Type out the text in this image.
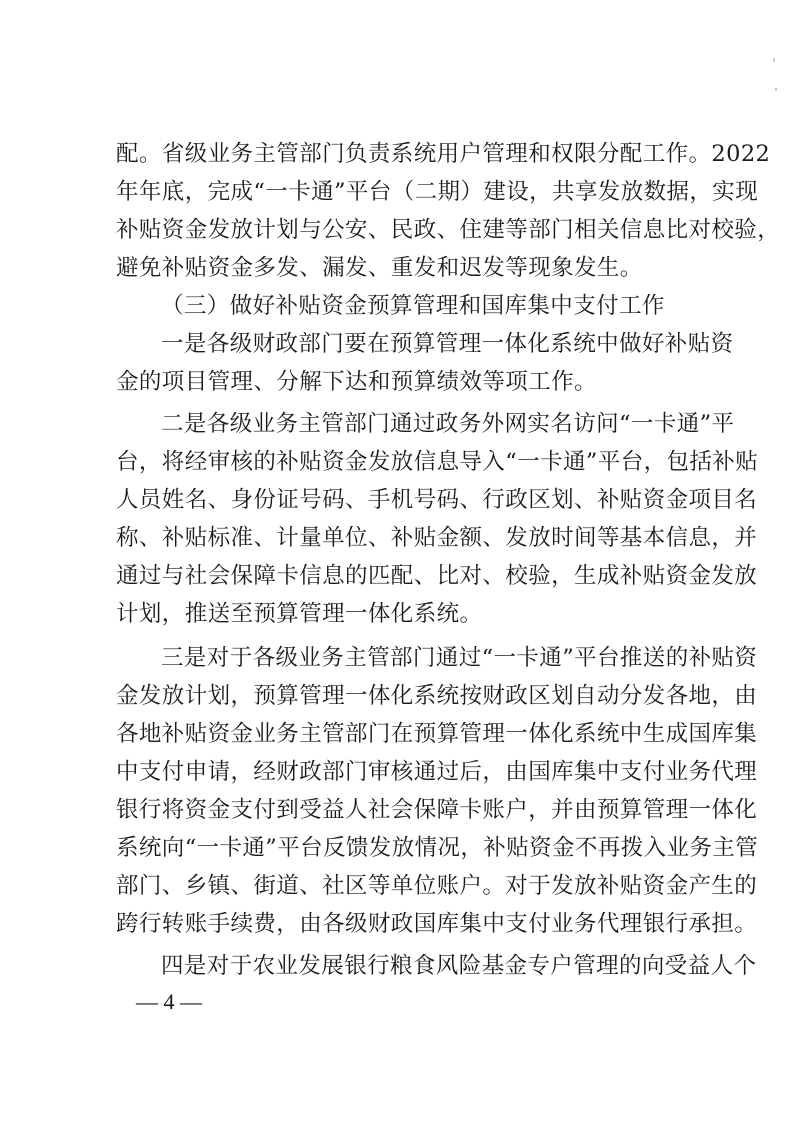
配。省级业务主管部门负责系统用户管理和权限分配工作。2022
年年底，完成“一卡通”平台（二期）建设，共享发放数据，实现
补贴资金发放计划与公安、民政、住建等部门相关信息比对校验，
避免补贴资金多发、漏发、重发和迟发等现象发生。
（三）做好补贴资金预算管理和国库集中支付工作
一是各级财政部门要在预算管理一体化系统中做好补贴资
金的项目管理、分解下达和预算绩效等项工作。
二是各级业务主管部门通过政务外网实名访问“一卡通”平
台，将经审核的补贴资金发放信息导入“一卡通”平台，包括补贴
人员姓名、身份证号码、手机号码、行政区划、补贴资金项目名
称、补贴标准、计量单位、补贴金额、发放时间等基本信息，并
通过与社会保障卡信息的匹配、比对、校验，生成补贴资金发放
计划，推送至预算管理一体化系统。
三是对于各级业务主管部门通过“一卡通”平台推送的补贴资
金发放计划，预算管理一体化系统按财政区划自动分发各地，由
各地补贴资金业务主管部门在预算管理一体化系统中生成国库集
中支付申请，经财政部门审核通过后，由国库集中支付业务代理
银行将资金支付到受益人社会保障卡账户，并由预算管理一体化
系统向“一卡通”平台反馈发放情况，补贴资金不再拨入业务主管
部门、乡镇、街道、社区等单位账户。对于发放补贴资金产生的
跨行转账手续费，由各级财政国库集中支付业务代理银行承担。
四是对于农业发展银行粮食风险基金专户管理的向受益人个
— 4 —
